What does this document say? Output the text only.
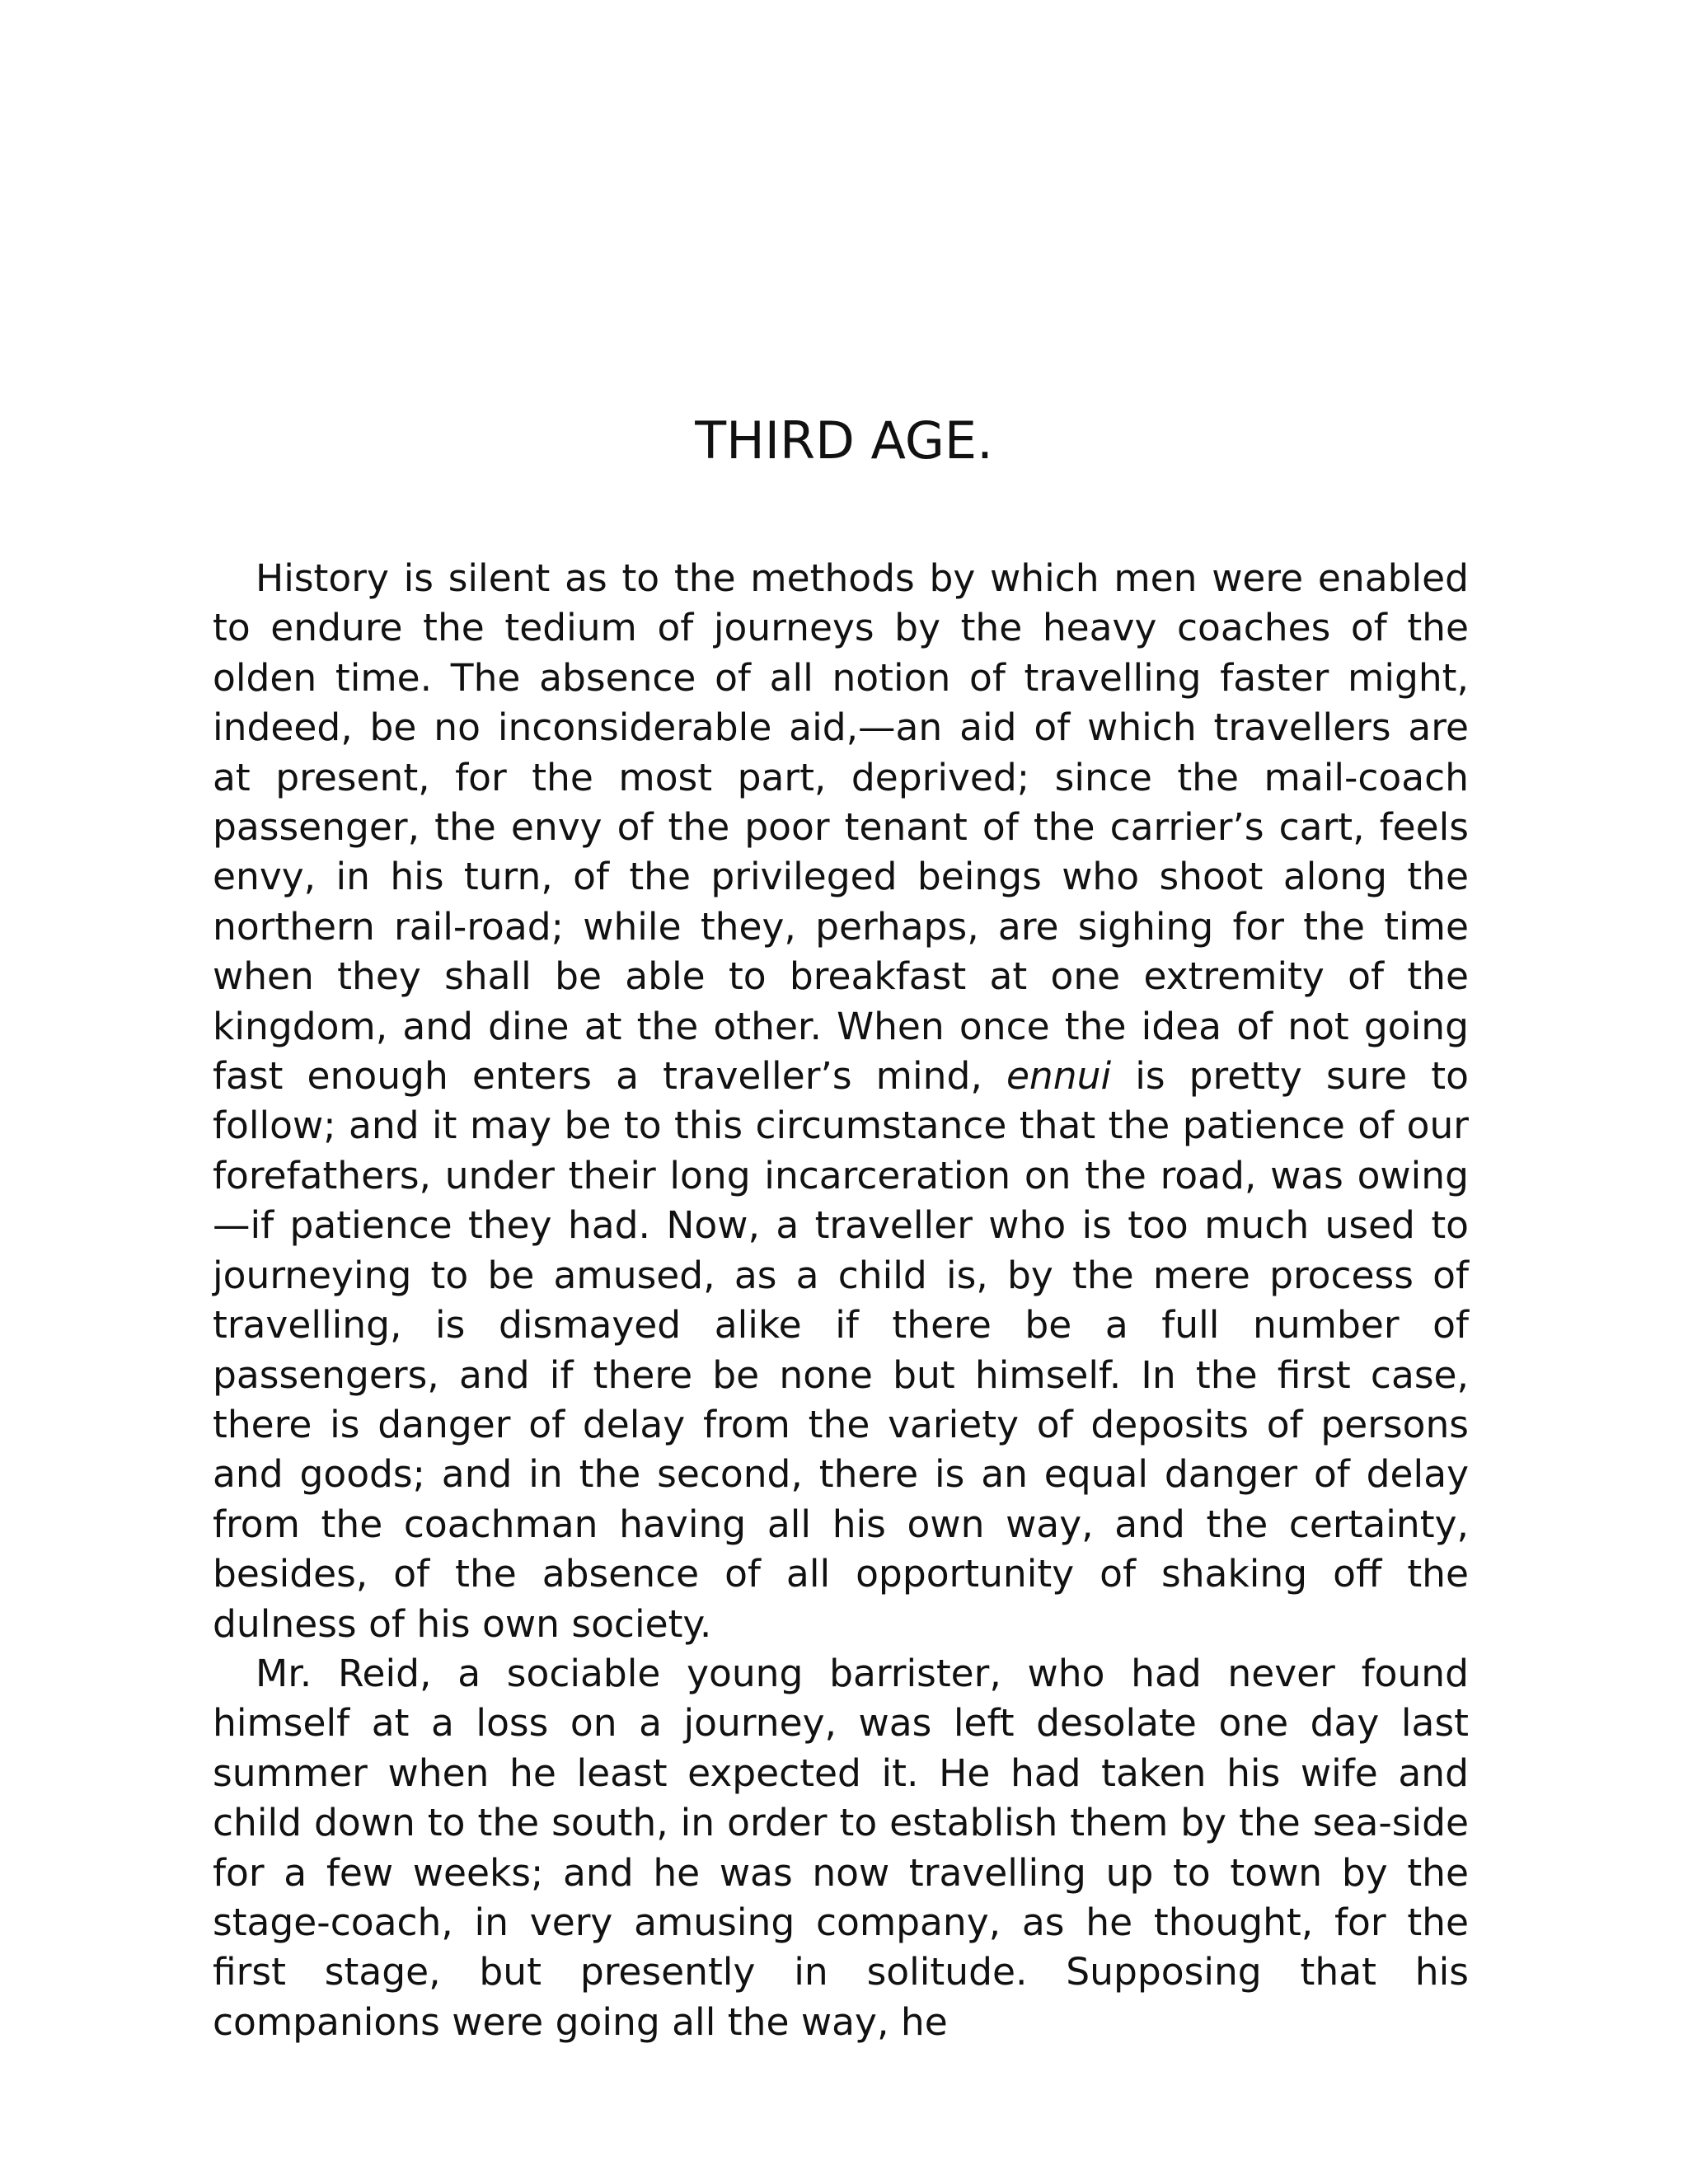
THIRD AGE.

History is silent as to the methods by which men were enabled to endure the tedium of journeys by the heavy coaches of the olden time. The absence of all notion of travelling faster might, indeed, be no inconsiderable aid,—an aid of which travellers are at present, for the most part, deprived; since the mail-coach passenger, the envy of the poor tenant of the carrier’s cart, feels envy, in his turn, of the privileged beings who shoot along the northern rail-road; while they, perhaps, are sighing for the time when they shall be able to breakfast at one extremity of the kingdom, and dine at the other. When once the idea of not going fast enough enters a traveller’s mind, ennui is pretty sure to follow; and it may be to this circumstance that the patience of our forefathers, under their long incarceration on the road, was owing—if patience they had. Now, a traveller who is too much used to journeying to be amused, as a child is, by the mere process of travelling, is dismayed alike if there be a full number of passengers, and if there be none but himself. In the first case, there is danger of delay from the variety of deposits of persons and goods; and in the second, there is an equal danger of delay from the coachman having all his own way, and the certainty, besides, of the absence of all opportunity of shaking off the dulness of his own society.

Mr. Reid, a sociable young barrister, who had never found himself at a loss on a journey, was left desolate one day last summer when he least expected it. He had taken his wife and child down to the south, in order to establish them by the sea-side for a few weeks; and he was now travelling up to town by the stage-coach, in very amusing company, as he thought, for the first stage, but presently in solitude. Supposing that his companions were going all the way, he
